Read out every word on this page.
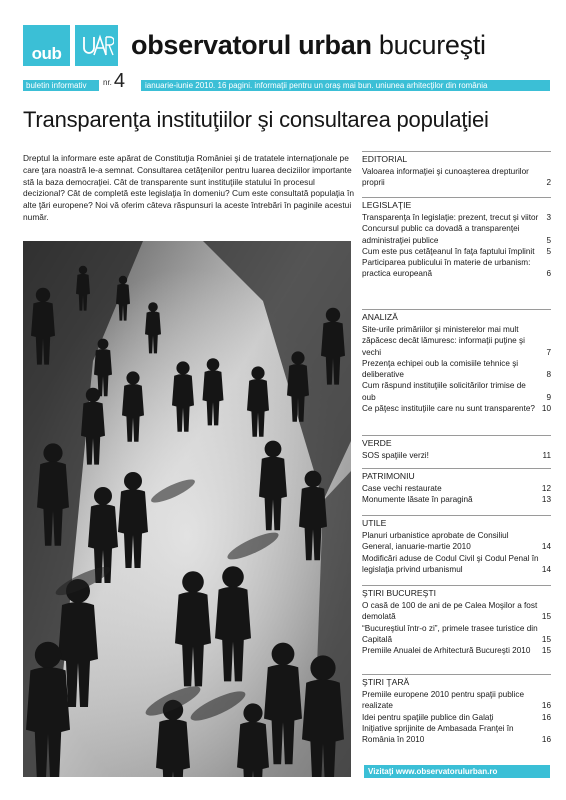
oub	observatorul urban bucureşti
buletin informativ	nr. 4	ianuarie-iunie 2010. 16 pagini. informaţii pentru un oraş mai bun. uniunea arhitecţilor din românia
Transparenţa instituţiilor şi consultarea populaţiei
Dreptul la informare este apărat de Constituţia României şi de tratatele internaţionale pe care ţara noastră le-a semnat. Consultarea cetăţenilor pentru luarea deciziilor importante stă la baza democraţiei. Cât de transparente sunt instituţiile statului în procesul decizional? Cât de completă este legislaţia în domeniu? Cum este consultată populaţia în alte ţări europene? Noi vă oferim câteva răspunsuri la aceste întrebări în paginile acestui număr.
EDITORIAL
Valoarea informaţiei şi cunoaşterea drepturilor proprii	2
LEGISLAŢIE
Transparenţa în legislaţie: prezent, trecut şi viitor 3
Concursul public ca dovadă a transparenţei administraţiei publice	5
Cum este pus cetăţeanul în faţa faptului împlinit	5
Participarea publicului în materie de urbanism: practica europeană	6
ANALIZĂ
Site-urile primăriilor şi ministerelor mai mult zăpăcesc decât lămuresc: informaţii puţine şi vechi	7
Prezenţa echipei oub la comisiile tehnice şi deliberative	8
Cum răspund instituţiile solicitărilor trimise de oub	9
Ce păţesc instituţiile care nu sunt transparente? 10
VERDE
SOS spaţiile verzi!	11
PATRIMONIU
Case vechi restaurate	12
Monumente lăsate în paragină	13
UTILE
Planuri urbanistice aprobate de Consiliul General, ianuarie-martie 2010	14
Modificări aduse de Codul Civil şi Codul Penal în legislaţia privind urbanismul	14
ŞTIRI BUCUREŞTI
O casă de 100 de ani de pe Calea Moşilor a fost demolată	15
“Bucureştiul într-o zi”, primele trasee turistice din Capitală	15
Premiile Anualei de Arhitectură Bucureşti 2010	15
ŞTIRI ŢARĂ
Premiile europene 2010 pentru spaţii publice realizate	16
Idei pentru spaţiile publice din Galaţi	16
Iniţiative sprijinite de Ambasada Franţei în România în 2010	16
Vizitaţi www.observatorulurban.ro
